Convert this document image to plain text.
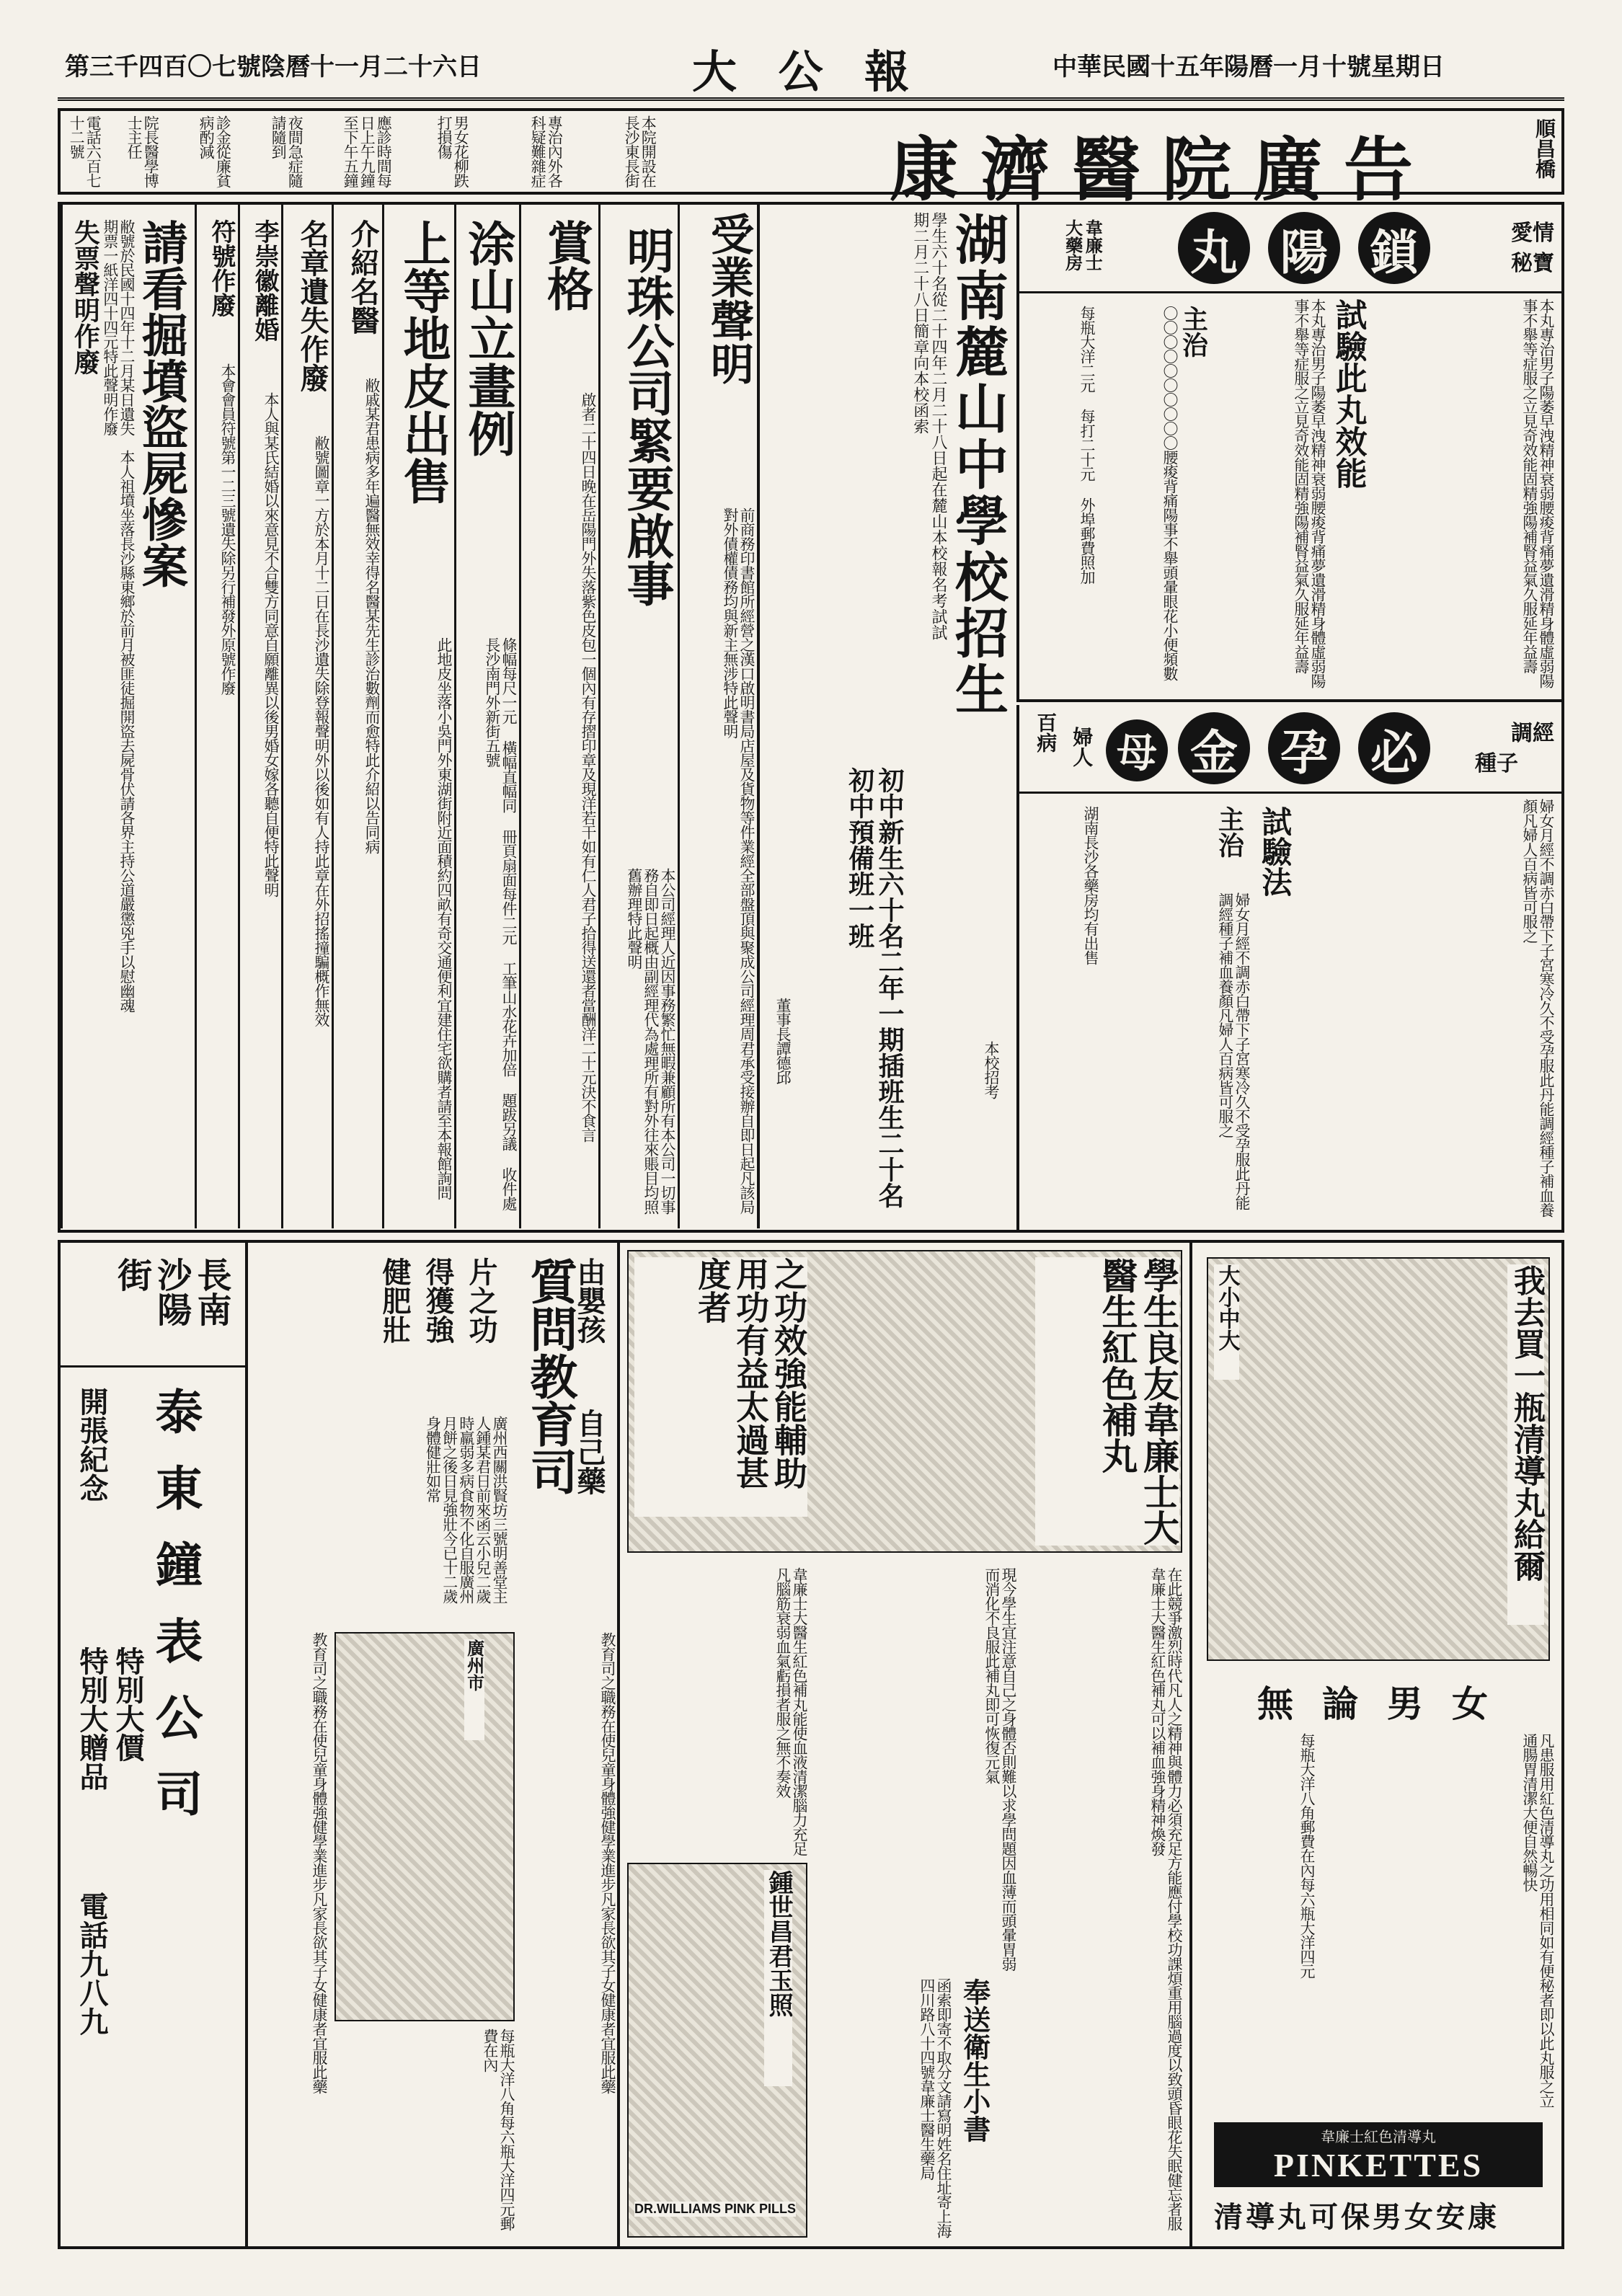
第三千四百〇七號陰曆十一月二十六日	大 公 報	中華民國十五年陽曆一月十號星期日
電話六百七十二號	院長醫學博士主任	診金從廉貧病酌減	夜間急症隨請隨到	應診時間每日上午九鐘至下午五鐘	男女花柳跌打損傷	專治內外各科疑難雜症	本院開設在長沙東長街	康濟醫院廣告	順昌橋
愛情
秘寶
鎖
陽
丸
韋廉士大藥房
本丸專治男子陽萎早洩精神衰弱腰痠背痛夢遺滑精身體虛弱陽事不舉等症服之立見奇效能固精強陽補腎益氣久服延年益壽
試驗此丸效能
本丸專治男子陽萎早洩精神衰弱腰痠背痛夢遺滑精身體虛弱陽事不舉等症服之立見奇效能固精強陽補腎益氣久服延年益壽
主治
〇〇〇〇〇〇〇〇〇〇腰痠背痛陽事不舉頭暈眼花小便頻數
每瓶大洋二元 每打二十元 外埠郵費照加
調經
種子
必
孕
金
母
婦人
百病
婦女月經不調赤白帶下子宮寒冷久不受孕服此丹能調經種子補血養顏凡婦人百病皆可服之
試驗法
主治
婦女月經不調赤白帶下子宮寒冷久不受孕服此丹能調經種子補血養顏凡婦人百病皆可服之
湖南長沙各藥房均有出售
湖南麓山中學校招生
本校招考
學生六十名從二十四年二月二十八日起在麓山本校報名考試試期二月二十八日簡章向本校函索
初中新生六十名二年一期插班生二十名初中預備班一班
董事長譚德邱
受業聲明
前商務印書館所經營之漢口啟明書局店屋及貨物等件業經全部盤頂與聚成公司經理周君承受接辦自即日起凡該局對外債權債務均與新主無涉特此聲明
明珠公司緊要啟事
本公司經理人近因事務繁忙無暇兼顧所有本公司一切事務自即日起概由副經理代為處理所有對外往來賬目均照舊辦理特此聲明
賞格
啟者二十四日晚在岳陽門外失落紫色皮包一個內有存摺印章及現洋若干如有仁人君子拾得送還者當酬洋二十元決不食言
涂山立畫例
條幅每尺一元 橫幅直幅同 冊頁扇面每件二元 工筆山水花卉加倍 題跋另議 收件處長沙南門外新街五號
上等地皮出售
此地皮坐落小吳門外東湖街附近面積約四畝有奇交通便利宜建住宅欲購者請至本報館詢問
介紹名醫
敝戚某君患病多年遍醫無效幸得名醫某先生診治數劑而愈特此介紹以告同病
名章遺失作廢
敝號圖章一方於本月十二日在長沙遺失除登報聲明外以後如有人持此章在外招搖撞騙概作無效
李崇徽離婚
本人與某氏結婚以來意見不合雙方同意自願離異以後男婚女嫁各聽自便特此聲明
符號作廢
本會會員符號第一二三號遺失除另行補發外原號作廢
請看掘墳盜屍慘案
失票聲明作廢	敝號於民國十四年十二月某日遺失期票一紙洋四十四元特此聲明作廢
本人祖墳坐落長沙縣東鄉於前月被匪徒掘開盜去屍骨伏請各界主持公道嚴懲兇手以慰幽魂
我去買一瓶清導丸給爾
大小中大
無論男女
凡患服用紅色清導丸之功用相同如有便秘者即以此丸服之立通腸胃清潔大便自然暢快
每瓶大洋八角郵費在內每六瓶大洋四元
韋廉士紅色清導丸
PINKETTES
清導丸可保男女安康
學生良友韋廉士大醫生紅色補丸
之功效強能輔助用功有益太過甚度者
在此競爭激烈時代凡人之精神與體力必須充足方能應付學校功課煩重用腦過度以致頭昏眼花失眠健忘者服韋廉士大醫生紅色補丸可以補血強身精神煥發
現今學生宜注意自己之身體否則難以求學問題因血薄而頭暈胃弱而消化不良服此補丸即可恢復元氣
奉送衛生小書
函索即寄不取分文請寫明姓名住址寄上海四川路八十四號韋廉士醫生藥局
韋廉士大醫生紅色補丸能使血液清潔腦力充足凡腦筋衰弱血氣虧損者服之無不奏效
鍾世昌君玉照
DR.WILLIAMS PINK PILLS
質問教育司
由嬰孩
自己藥
片之功
得獲強
健肥壯
廣州西關洪賢坊三號明善堂主人鍾某君日前來函云小兒二歲時羸弱多病食物不化自服廣州月餅之後日見強壯今已十二歲身體健壯如常
廣州市	教育司之職務在使兒童身體強健學業進步凡家長欲其子女健康者宜服此藥
教育司之職務在使兒童身體強健學業進步凡家長欲其子女健康者宜服此藥
每瓶大洋八角每六瓶大洋四元郵費在內
長南沙陽街
泰東鐘表公司
開張紀念
特別大贈品 特別大價
電話九八九
